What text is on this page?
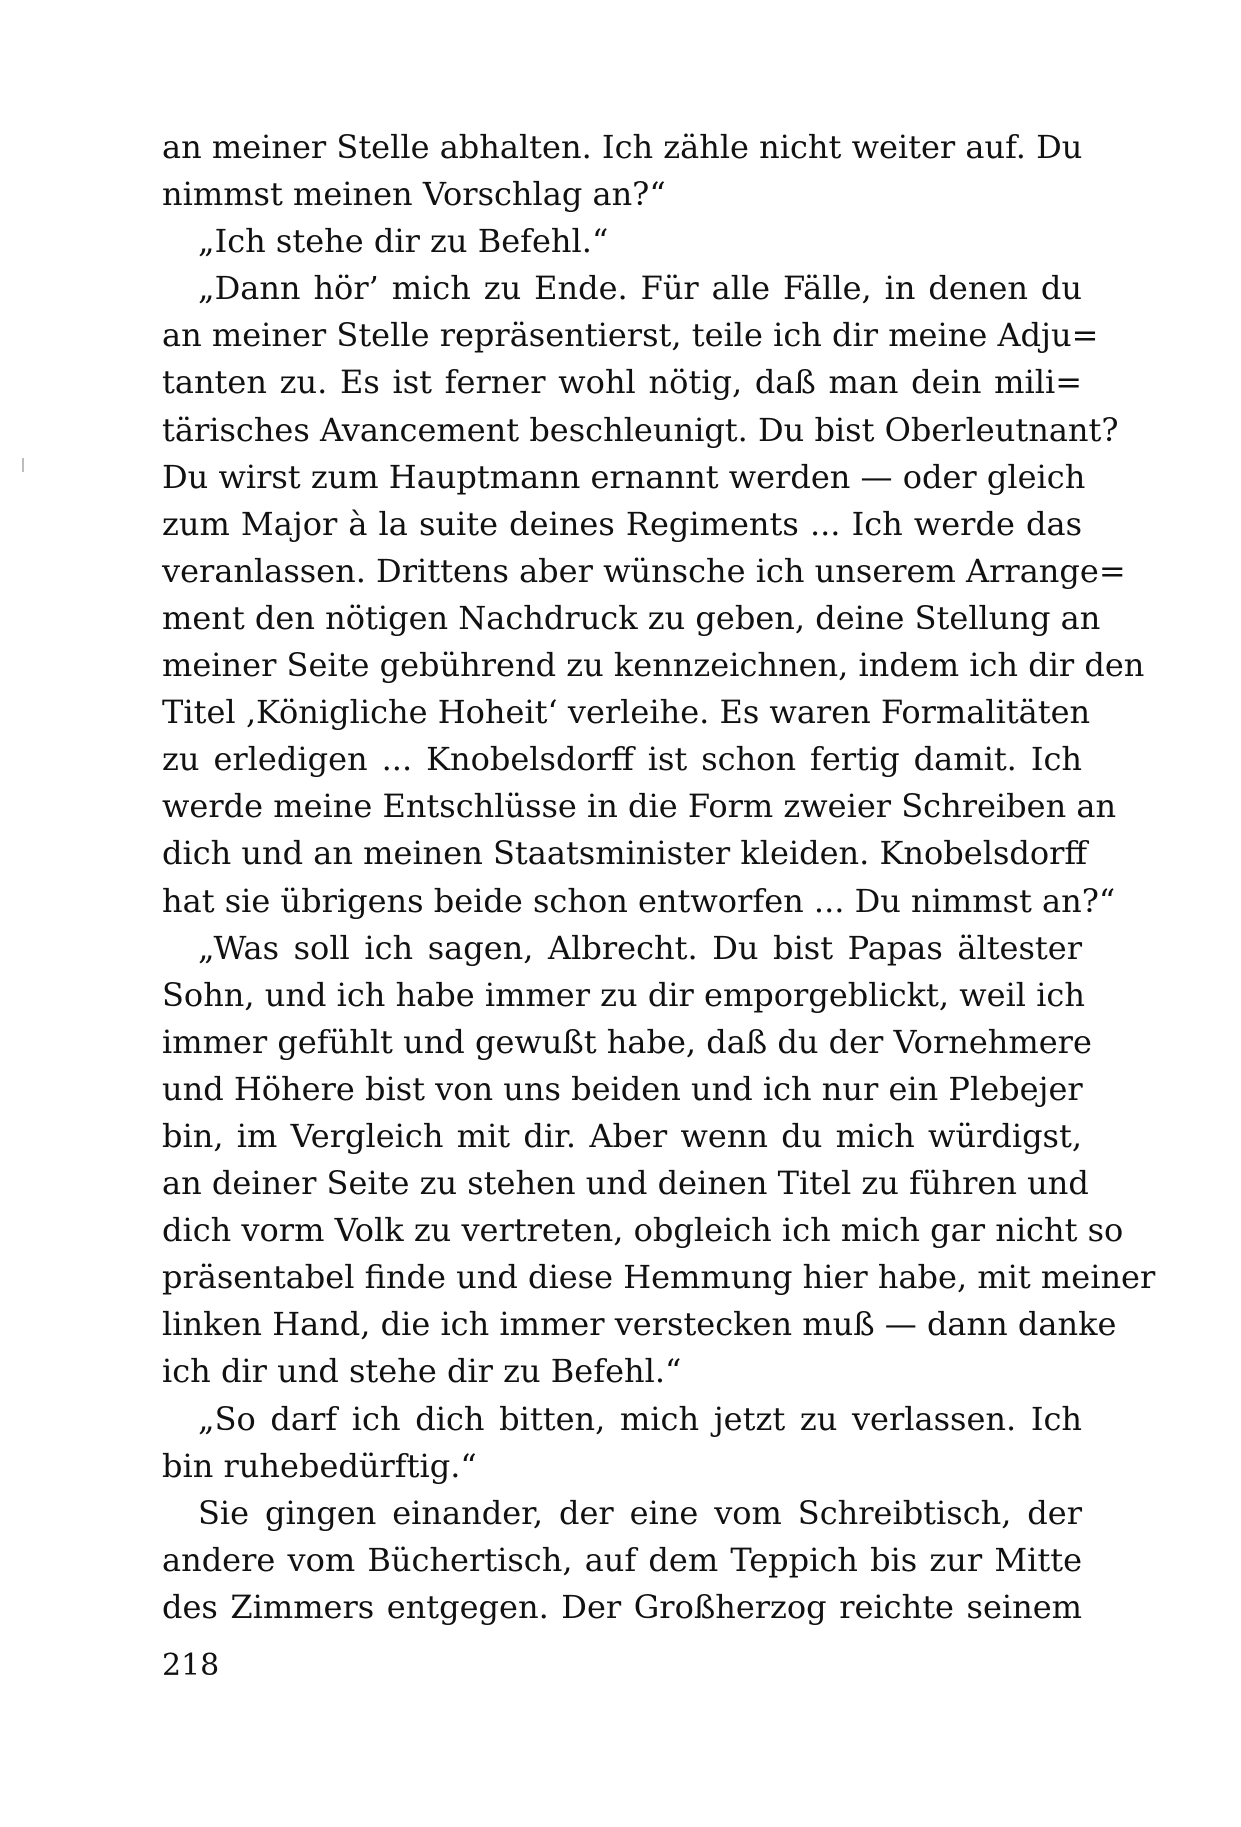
an meiner Stelle abhalten. Ich zähle nicht weiter auf. Du
nimmst meinen Vorschlag an?“
„Ich stehe dir zu Befehl.“
„Dann hör’ mich zu Ende. Für alle Fälle, in denen du
an meiner Stelle repräsentierst, teile ich dir meine Adju=
tanten zu. Es ist ferner wohl nötig, daß man dein mili=
tärisches Avancement beschleunigt. Du bist Oberleutnant?
Du wirst zum Hauptmann ernannt werden — oder gleich
zum Major à la suite deines Regiments ... Ich werde das
veranlassen. Drittens aber wünsche ich unserem Arrange=
ment den nötigen Nachdruck zu geben, deine Stellung an
meiner Seite gebührend zu kennzeichnen, indem ich dir den
Titel ‚Königliche Hoheit‘ verleihe. Es waren Formalitäten
zu erledigen ... Knobelsdorff ist schon fertig damit. Ich
werde meine Entschlüsse in die Form zweier Schreiben an
dich und an meinen Staatsminister kleiden. Knobelsdorff
hat sie übrigens beide schon entworfen ... Du nimmst an?“
„Was soll ich sagen, Albrecht. Du bist Papas ältester
Sohn, und ich habe immer zu dir emporgeblickt, weil ich
immer gefühlt und gewußt habe, daß du der Vornehmere
und Höhere bist von uns beiden und ich nur ein Plebejer
bin, im Vergleich mit dir. Aber wenn du mich würdigst,
an deiner Seite zu stehen und deinen Titel zu führen und
dich vorm Volk zu vertreten, obgleich ich mich gar nicht so
präsentabel finde und diese Hemmung hier habe, mit meiner
linken Hand, die ich immer verstecken muß — dann danke
ich dir und stehe dir zu Befehl.“
„So darf ich dich bitten, mich jetzt zu verlassen. Ich
bin ruhebedürftig.“
Sie gingen einander, der eine vom Schreibtisch, der
andere vom Büchertisch, auf dem Teppich bis zur Mitte
des Zimmers entgegen. Der Großherzog reichte seinem
218
